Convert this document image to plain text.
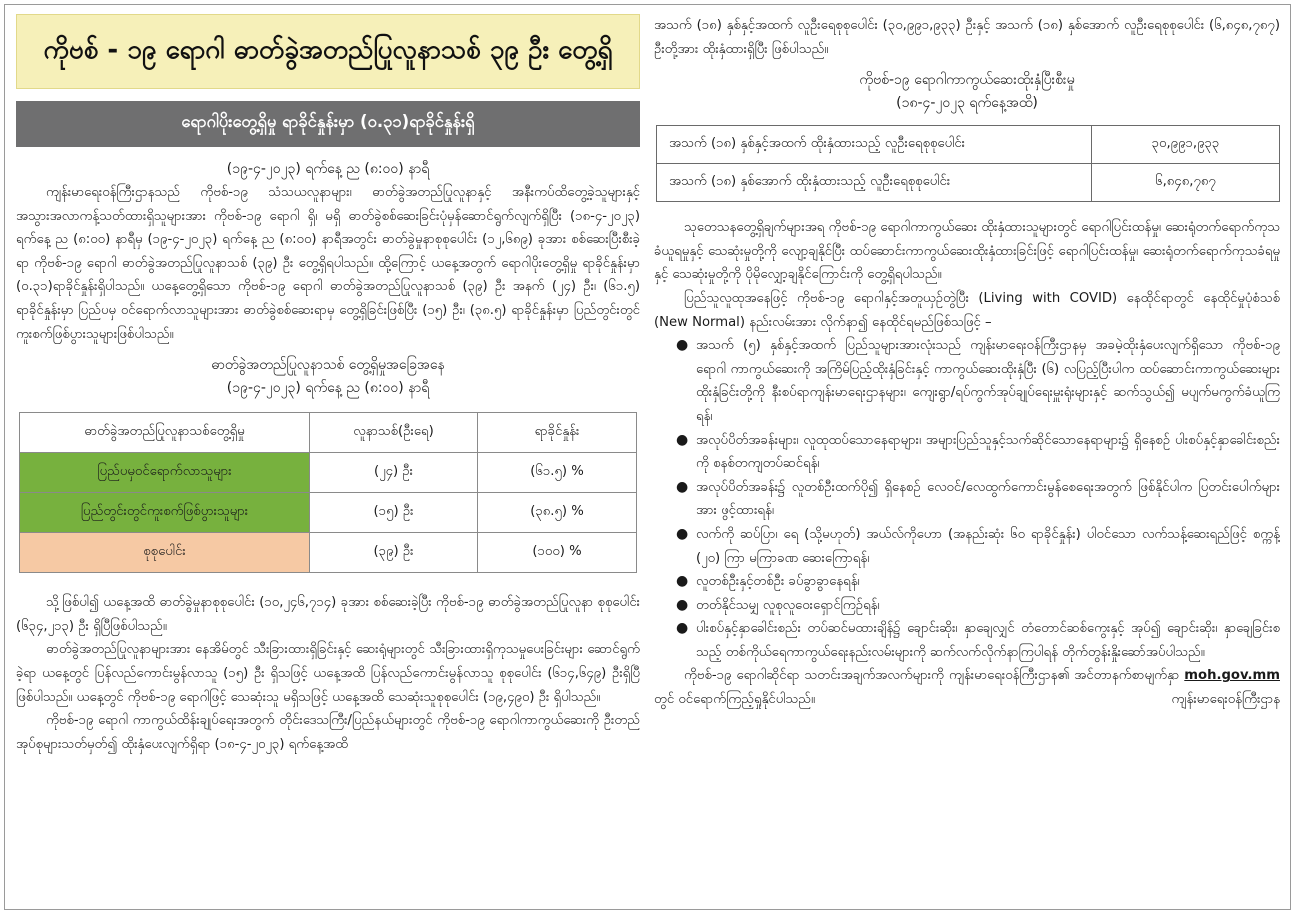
ကိုဗစ် - ၁၉ ရောဂါ ဓာတ်ခွဲအတည်ပြုလူနာသစ် ၃၉ ဦး တွေ့ရှိ
ရောဂါပိုးတွေ့ရှိမှု ရာခိုင်နှုန်းမှာ (၀.၃၁)ရာခိုင်နှုန်းရှိ
(၁၉-၄-၂၀၂၃) ရက်နေ့ ည (၈:၀၀) နာရီ

ကျန်းမာရေးဝန်ကြီးဌာနသည် ကိုဗစ်-၁၉ သံသယလူနာများ၊ ဓာတ်ခွဲအတည်ပြုလူနာနှင့် အနီးကပ်ထိတွေ့ခဲ့သူများနှင့် အသွားအလာကန့်သတ်ထားရှိသူများအား ကိုဗစ်-၁၉ ရောဂါ ရှိ၊ မရှိ ဓာတ်ခွဲစစ်ဆေးခြင်းပုံမှန်ဆောင်ရွက်လျက်ရှိပြီး (၁၈-၄-၂၀၂၃) ရက်နေ့ ည (၈:၀၀) နာရီမှ (၁၉-၄-၂၀၂၃) ရက်နေ့ ည (၈:၀၀) နာရီအတွင်း ဓာတ်ခွဲမှုနာစုစုပေါင်း (၁၂,၆၈၉) ခုအား စစ်ဆေးပြီးစီးခဲ့ရာ ကိုဗစ်-၁၉ ရောဂါ ဓာတ်ခွဲအတည်ပြုလူနာသစ် (၃၉) ဦး တွေ့ရှိရပါသည်။ ထို့ကြောင့် ယနေ့အတွက် ရောဂါပိုးတွေ့ရှိမှု ရာခိုင်နှုန်းမှာ (၀.၃၁)ရာခိုင်နှုန်းရှိပါသည်။ ယနေ့တွေ့ရှိသော ကိုဗစ်-၁၉ ရောဂါ ဓာတ်ခွဲအတည်ပြုလူနာသစ် (၃၉) ဦး အနက် (၂၄) ဦး၊ (၆၁.၅) ရာခိုင်နှုန်းမှာ ပြည်ပမှ ဝင်ရောက်လာသူများအား ဓာတ်ခွဲစစ်ဆေးရာမှ တွေ့ရှိခြင်းဖြစ်ပြီး (၁၅) ဦး၊ (၃၈.၅) ရာခိုင်နှုန်းမှာ ပြည်တွင်းတွင် ကူးစက်ဖြစ်ပွားသူများဖြစ်ပါသည်။

ဓာတ်ခွဲအတည်ပြုလူနာသစ် တွေ့ရှိမှုအခြေအနေ
(၁၉-၄-၂၀၂၃) ရက်နေ့ ည (၈:၀၀) နာရီ
ဓာတ်ခွဲအတည်ပြုလူနာသစ်တွေ့ရှိမှု	လူနာသစ်(ဦးရေ)	ရာခိုင်နှုန်း
ပြည်ပမှဝင်ရောက်လာသူများ	(၂၄) ဦး	(၆၁.၅) %
ပြည်တွင်းတွင်ကူးစက်ဖြစ်ပွားသူများ	(၁၅) ဦး	(၃၈.၅) %
စုစုပေါင်း	(၃၉) ဦး	(၁၀၀) %

သို့ဖြစ်ပါ၍ ယနေ့အထိ ဓာတ်ခွဲမှုနာစုစုပေါင်း (၁၀,၂၄၆,၇၁၄) ခုအား စစ်ဆေးခဲ့ပြီး ကိုဗစ်-၁၉ ဓာတ်ခွဲအတည်ပြုလူနာ စုစုပေါင်း (၆၃၄,၂၁၃) ဦး ရှိပြီဖြစ်ပါသည်။

ဓာတ်ခွဲအတည်ပြုလူနာများအား နေအိမ်တွင် သီးခြားထားရှိခြင်းနှင့် ဆေးရုံများတွင် သီးခြားထားရှိကုသမှုပေးခြင်းများ ဆောင်ရွက်ခဲ့ရာ ယနေ့တွင် ပြန်လည်ကောင်းမွန်လာသူ (၁၅) ဦး ရှိသဖြင့် ယနေ့အထိ ပြန်လည်ကောင်းမွန်လာသူ စုစုပေါင်း (၆၁၄,၆၄၉) ဦးရှိပြီဖြစ်ပါသည်။ ယနေ့တွင် ကိုဗစ်-၁၉ ရောဂါဖြင့် သေဆုံးသူ မရှိသဖြင့် ယနေ့အထိ သေဆုံးသူစုစုပေါင်း (၁၉,၄၉၀) ဦး ရှိပါသည်။

ကိုဗစ်-၁၉ ရောဂါ ကာကွယ်ထိန်းချုပ်ရေးအတွက် တိုင်းဒေသကြီး/ပြည်နယ်များတွင် ကိုဗစ်-၁၉ ရောဂါကာကွယ်ဆေးကို ဦးတည်အုပ်စုများသတ်မှတ်၍ ထိုးနှံပေးလျက်ရှိရာ (၁၈-၄-၂၀၂၃) ရက်နေ့အထိ

အသက် (၁၈) နှစ်နှင့်အထက် လူဦးရေစုစုပေါင်း (၃၀,၉၉၁,၉၃၃) ဦးနှင့် အသက် (၁၈) နှစ်အောက် လူဦးရေစုစုပေါင်း (၆,၈၄၈,၇၈၇) ဦးတို့အား ထိုးနှံထားရှိပြီး ဖြစ်ပါသည်။

ကိုဗစ်-၁၉ ရောဂါကာကွယ်ဆေးထိုးနှံပြီးစီးမှု
(၁၈-၄-၂၀၂၃ ရက်နေ့အထိ)
အသက် (၁၈) နှစ်နှင့်အထက် ထိုးနှံထားသည့် လူဦးရေစုစုပေါင်း	၃၀,၉၉၁,၉၃၃
အသက် (၁၈) နှစ်အောက် ထိုးနှံထားသည့် လူဦးရေစုစုပေါင်း	၆,၈၄၈,၇၈၇

သုတေသနတွေ့ရှိချက်များအရ ကိုဗစ်-၁၉ ရောဂါကာကွယ်ဆေး ထိုးနှံထားသူများတွင် ရောဂါပြင်းထန်မှု၊ ဆေးရုံတက်ရောက်ကုသခံယူရမှုနှင့် သေဆုံးမှုတို့ကို လျော့ချနိုင်ပြီး ထပ်ဆောင်းကာကွယ်ဆေးထိုးနှံထားခြင်းဖြင့် ရောဂါပြင်းထန်မှု၊ ဆေးရုံတက်ရောက်ကုသခံရမှုနှင့် သေဆုံးမှုတို့ကို ပိုမိုလျှော့ချနိုင်ကြောင်းကို တွေ့ရှိရပါသည်။

ပြည်သူလူထုအနေဖြင့် ကိုဗစ်-၁၉ ရောဂါနှင့်အတူယှဉ်တွဲပြီး (Living with COVID) နေထိုင်ရာတွင် နေထိုင်မှုပုံစံသစ် (New Normal) နည်းလမ်းအား လိုက်နာ၍ နေထိုင်ရမည်ဖြစ်သဖြင့် –

● အသက် (၅) နှစ်နှင့်အထက် ပြည်သူများအားလုံးသည် ကျန်းမာရေးဝန်ကြီးဌာနမှ အခမဲ့ထိုးနှံပေးလျက်ရှိသော ကိုဗစ်-၁၉ ရောဂါ ကာကွယ်ဆေးကို အကြိမ်ပြည့်ထိုးနှံခြင်းနှင့် ကာကွယ်ဆေးထိုးနှံပြီး (၆) လပြည့်ပြီးပါက ထပ်ဆောင်းကာကွယ်ဆေးများ ထိုးနှံခြင်းတို့ကို နီးစပ်ရာကျန်းမာရေးဌာနများ၊ ကျေးရွာ/ရပ်ကွက်အုပ်ချုပ်ရေးမှူးရုံးများနှင့် ဆက်သွယ်၍ မပျက်မကွက်ခံယူကြရန်၊
● အလုပ်ပိတ်အခန်းများ၊ လူထုထပ်သောနေရာများ၊ အများပြည်သူနှင့်သက်ဆိုင်သောနေရာများ၌ ရှိနေစဉ် ပါးစပ်နှင့်နှာခေါင်းစည်းကို စနစ်တကျတပ်ဆင်ရန်၊
● အလုပ်ပိတ်အခန်း၌ လူတစ်ဦးထက်ပို၍ ရှိနေစဉ် လေဝင်/လေထွက်ကောင်းမွန်စေရေးအတွက် ဖြစ်နိုင်ပါက ပြတင်းပေါက်များအား ဖွင့်ထားရန်၊
● လက်ကို ဆပ်ပြာ၊ ရေ (သို့မဟုတ်) အယ်လ်ကိုဟော (အနည်းဆုံး ၆၀ ရာခိုင်နှုန်း) ပါဝင်သော လက်သန့်ဆေးရည်ဖြင့် စက္ကန့် (၂၀) ကြာ မကြာခဏ ဆေးကြောရန်၊
● လူတစ်ဦးနှင့်တစ်ဦး ခပ်ခွာခွာနေရန်၊
● တတ်နိုင်သမျှ လူစုလူဝေးရှောင်ကြဉ်ရန်၊
● ပါးစပ်နှင့်နှာခေါင်းစည်း တပ်ဆင်မထားချိန်၌ ချောင်းဆိုး၊ နှာချေလျှင် တံတောင်ဆစ်ကွေးနှင့် အုပ်၍ ချောင်းဆိုး၊ နှာချေခြင်းစသည့် တစ်ကိုယ်ရေကာကွယ်ရေးနည်းလမ်းများကို ဆက်လက်လိုက်နာကြပါရန် တိုက်တွန်းနှိုးဆော်အပ်ပါသည်။

ကိုဗစ်-၁၉ ရောဂါဆိုင်ရာ သတင်းအချက်အလက်များကို ကျန်းမာရေးဝန်ကြီးဌာန၏ အင်တာနက်စာမျက်နှာ moh.gov.mm တွင် ဝင်ရောက်ကြည့်ရှုနိုင်ပါသည်။	ကျန်းမာရေးဝန်ကြီးဌာန
